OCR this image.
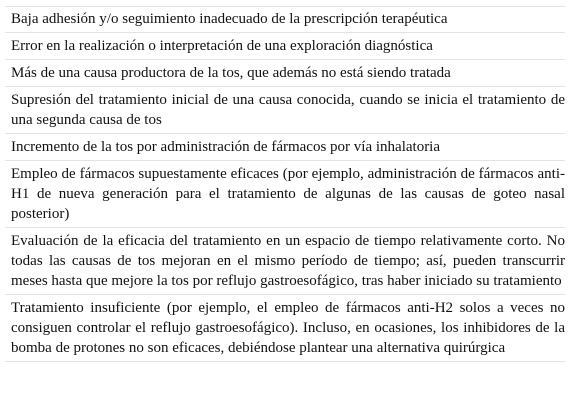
Baja adhesión y/o seguimiento inadecuado de la prescripción terapéutica
Error en la realización o interpretación de una exploración diagnóstica
Más de una causa productora de la tos, que además no está siendo tratada
Supresión del tratamiento inicial de una causa conocida, cuando se inicia el tratamiento de una segunda causa de tos
Incremento de la tos por administración de fármacos por vía inhalatoria
Empleo de fármacos supuestamente eficaces (por ejemplo, administración de fármacos anti-H1 de nueva generación para el tratamiento de algunas de las causas de goteo nasal posterior)
Evaluación de la eficacia del tratamiento en un espacio de tiempo relativamente corto. No todas las causas de tos mejoran en el mismo período de tiempo; así, pueden transcurrir meses hasta que mejore la tos por reflujo gastroesofágico, tras haber iniciado su tratamiento
Tratamiento insuficiente (por ejemplo, el empleo de fármacos anti-H2 solos a veces no consiguen controlar el reflujo gastroesofágico). Incluso, en ocasiones, los inhibidores de la bomba de protones no son eficaces, debiéndose plantear una alternativa quirúrgica
